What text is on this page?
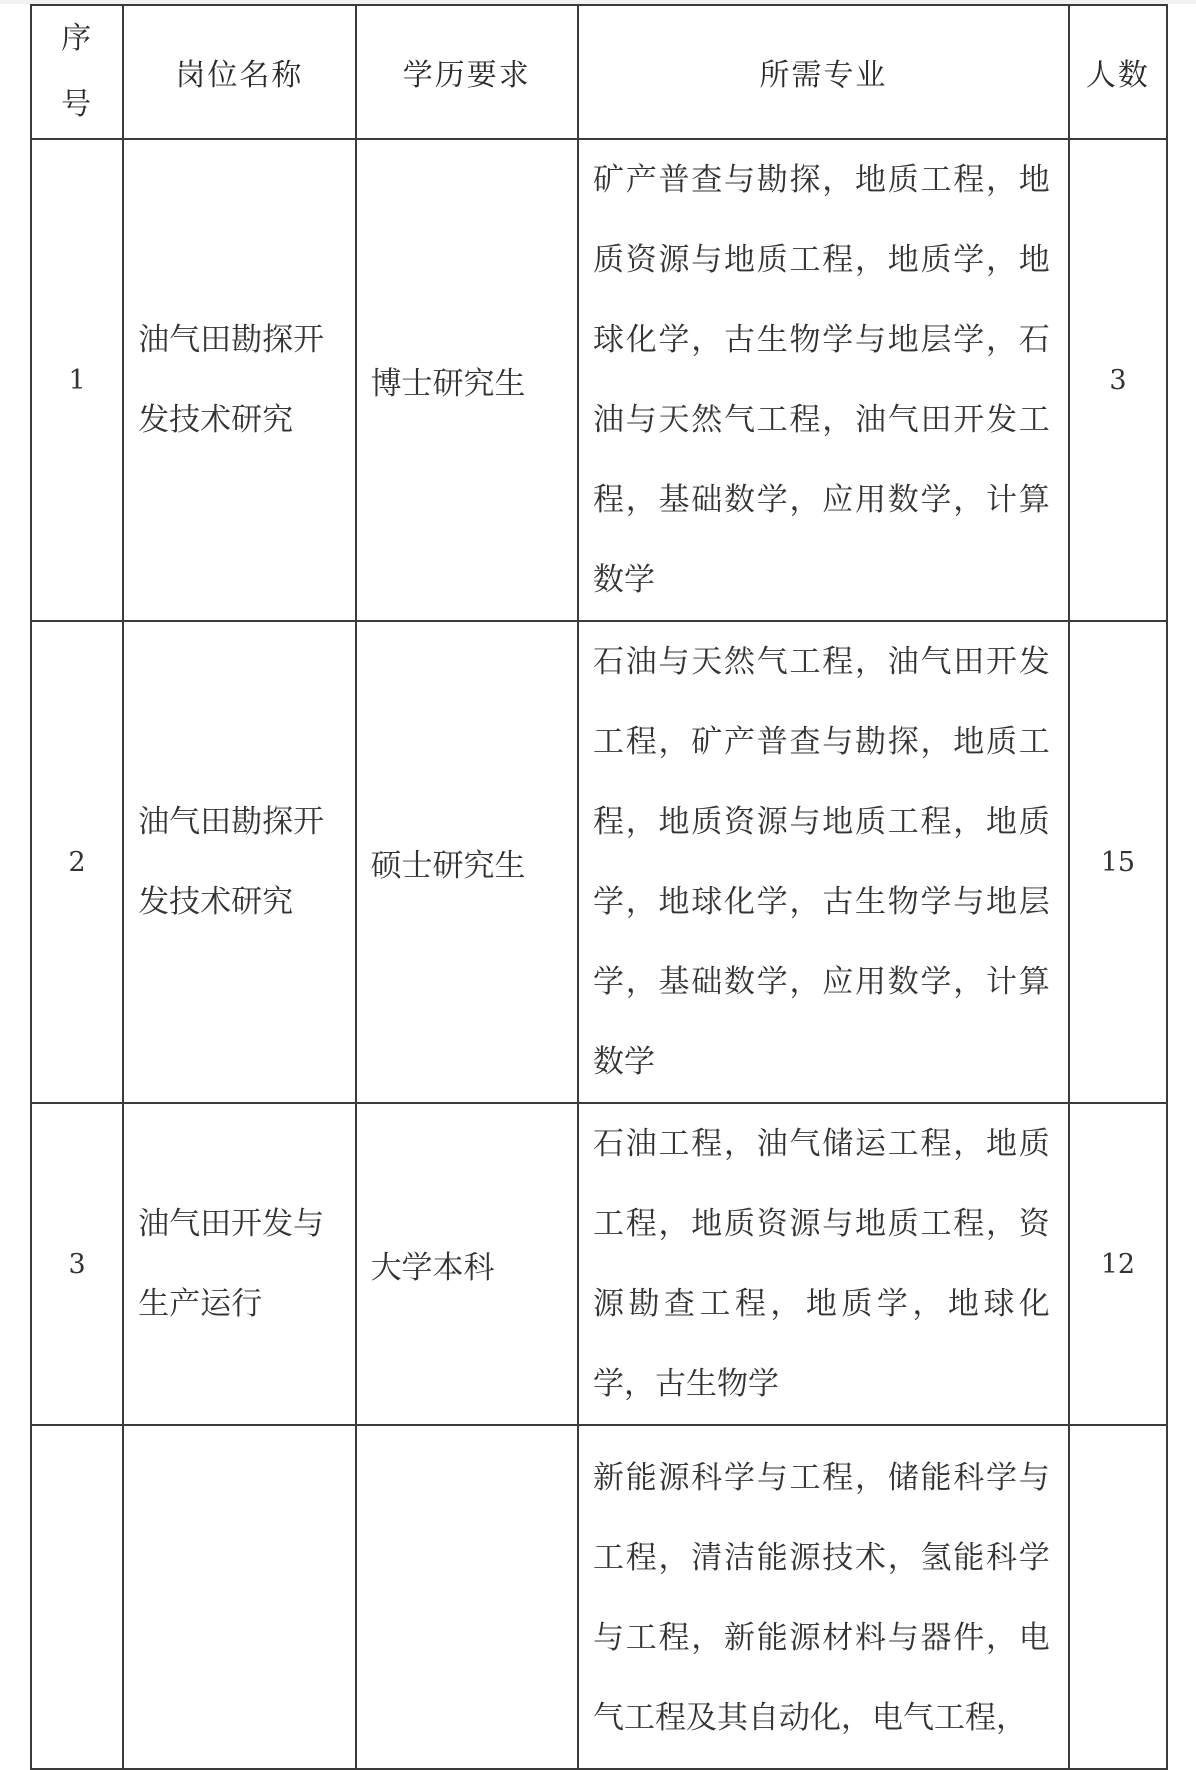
序
号	岗位名称	学历要求	所需专业	人数
1	油气田勘探开发技术研究	博士研究生	矿产普查与勘探，地质工程，地质资源与地质工程，地质学，地球化学，古生物学与地层学，石油与天然气工程，油气田开发工程，基础数学，应用数学，计算数学	3
2	油气田勘探开发技术研究	硕士研究生	石油与天然气工程，油气田开发工程，矿产普查与勘探，地质工程，地质资源与地质工程，地质学，地球化学，古生物学与地层学，基础数学，应用数学，计算数学	15
3	油气田开发与生产运行	大学本科	石油工程，油气储运工程，地质工程，地质资源与地质工程，资源勘查工程，地质学，地球化学，古生物学	12
			新能源科学与工程，储能科学与工程，清洁能源技术，氢能科学与工程，新能源材料与器件，电气工程及其自动化，电气工程，	
